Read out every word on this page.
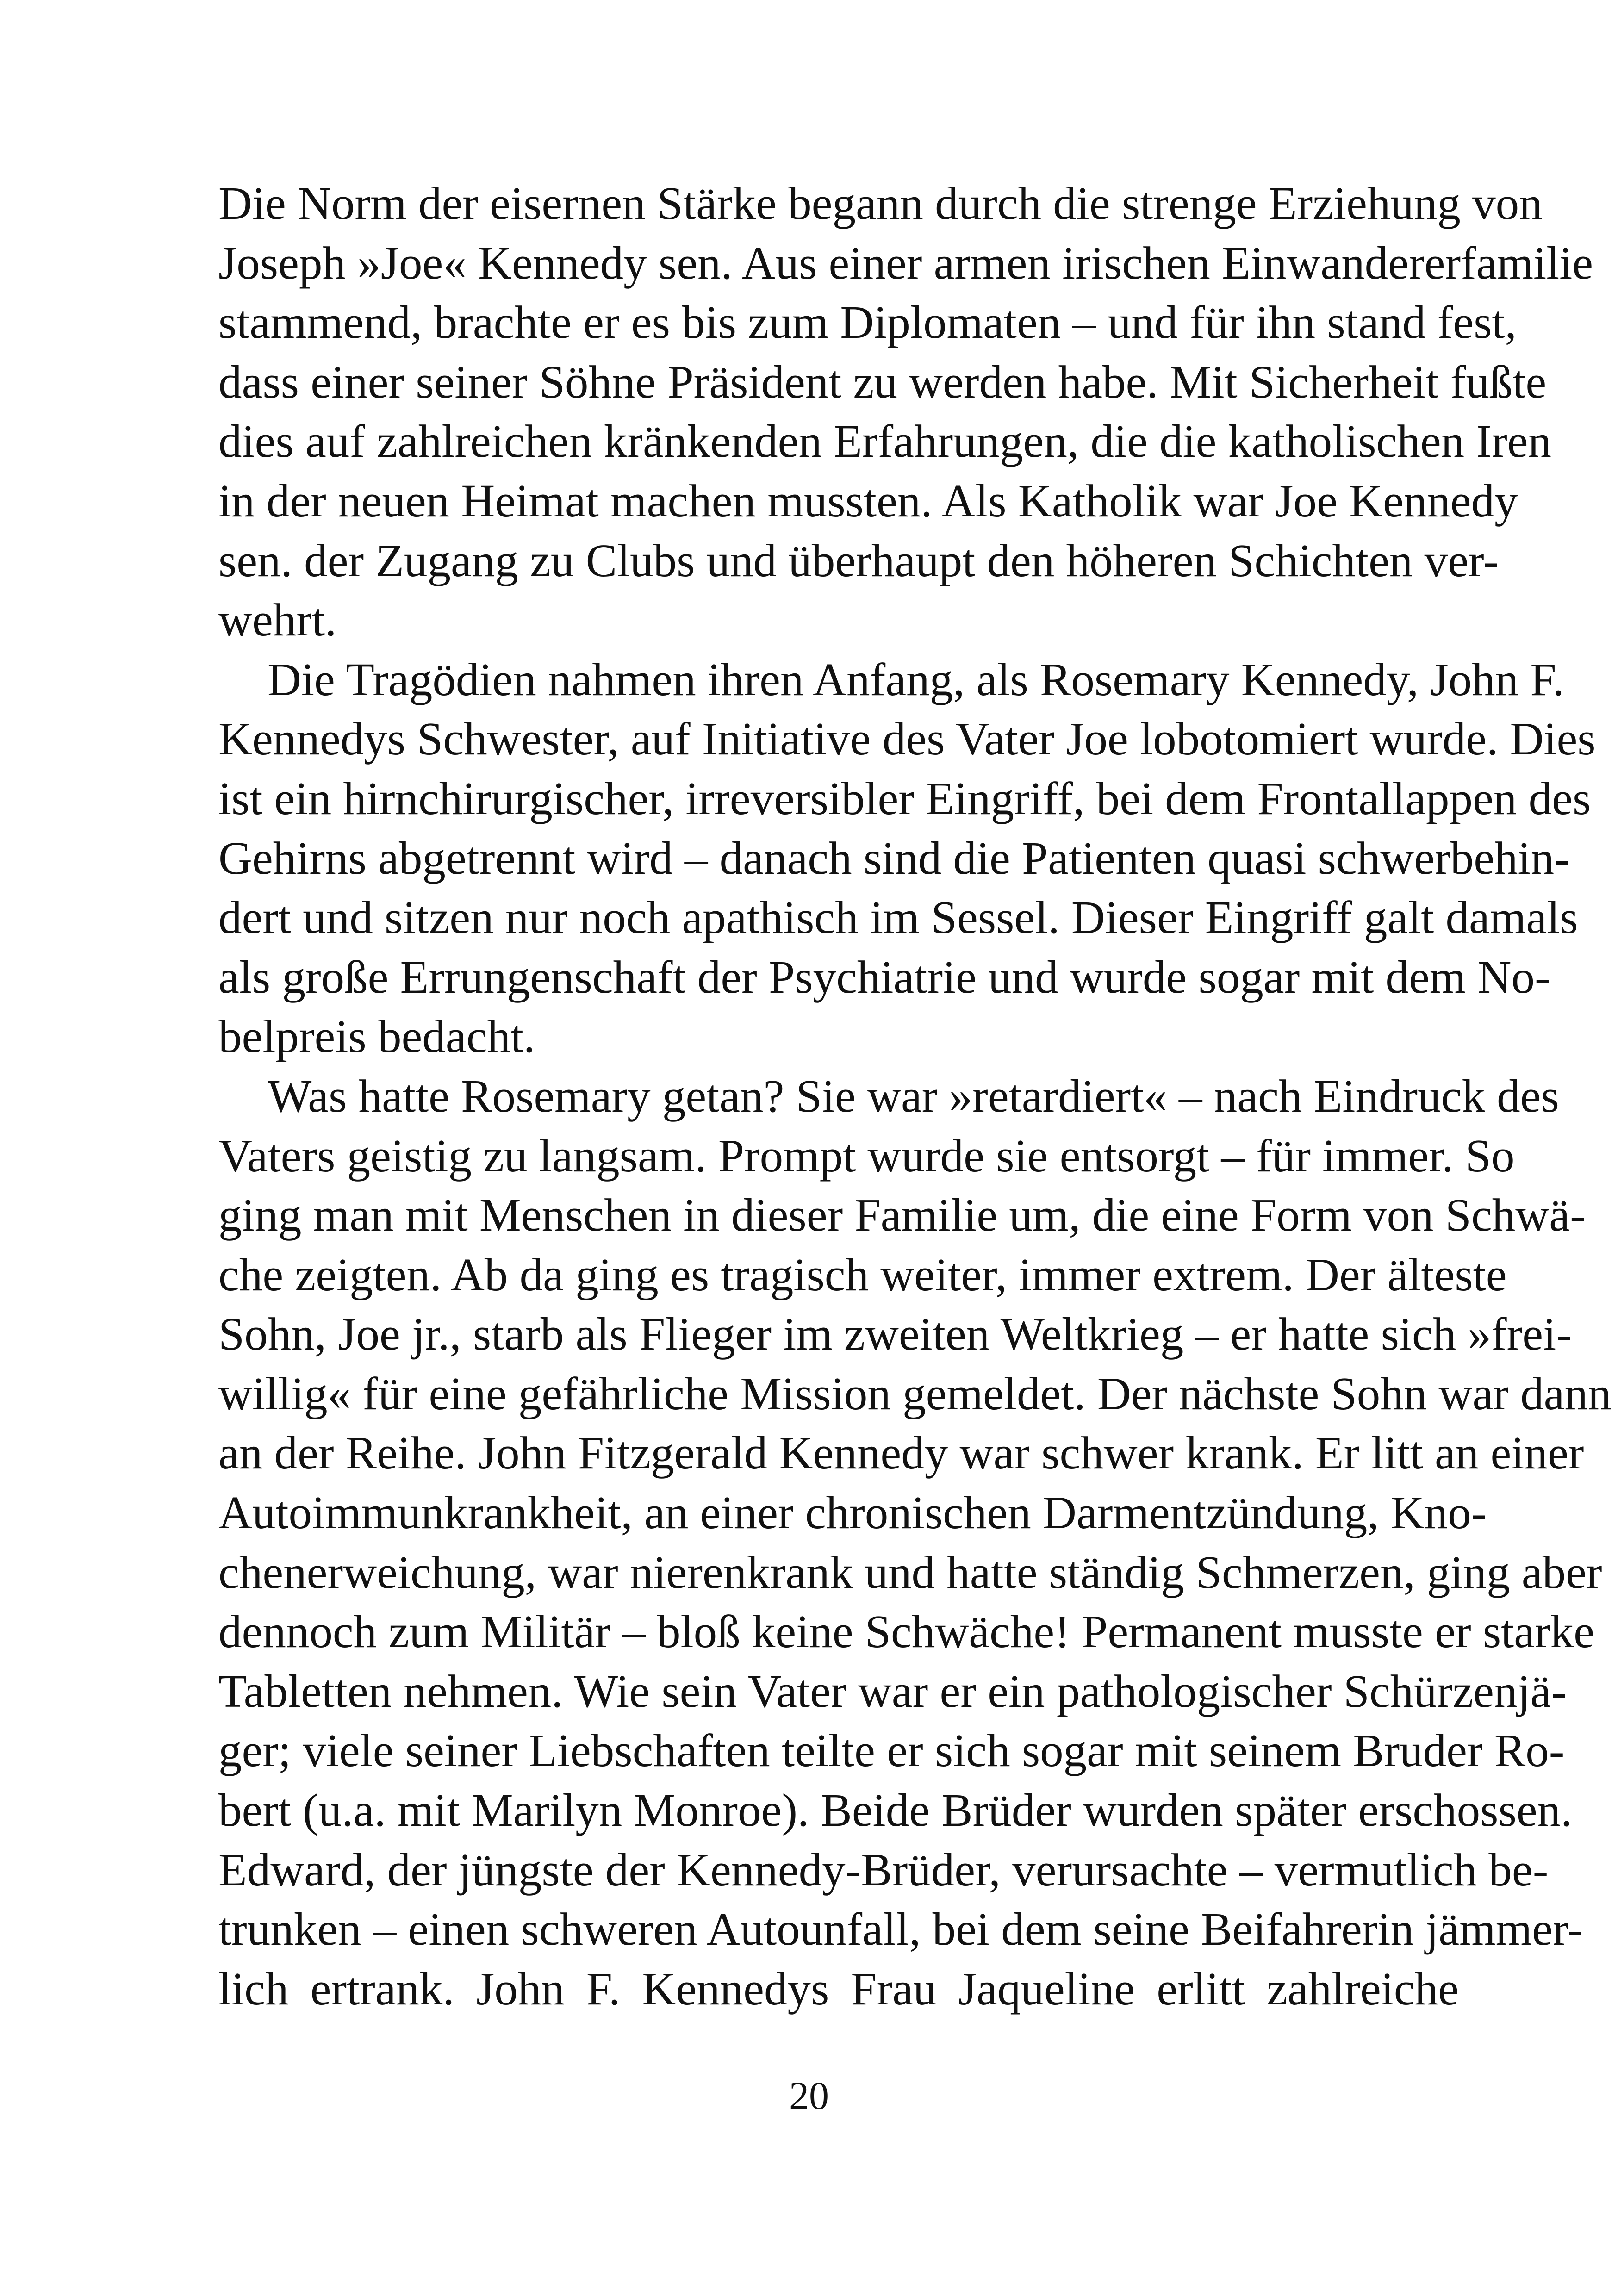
Die Norm der eisernen Stärke begann durch die strenge Erziehung von
Joseph »Joe« Kennedy sen. Aus einer armen irischen Einwandererfamilie
stammend, brachte er es bis zum Diplomaten – und für ihn stand fest,
dass einer seiner Söhne Präsident zu werden habe. Mit Sicherheit fußte
dies auf zahlreichen kränkenden Erfahrungen, die die katholischen Iren
in der neuen Heimat machen mussten. Als Katholik war Joe Kennedy
sen. der Zugang zu Clubs und überhaupt den höheren Schichten ver-
wehrt.
Die Tragödien nahmen ihren Anfang, als Rosemary Kennedy, John F.
Kennedys Schwester, auf Initiative des Vater Joe lobotomiert wurde. Dies
ist ein hirnchirurgischer, irreversibler Eingriff, bei dem Frontallappen des
Gehirns abgetrennt wird – danach sind die Patienten quasi schwerbehin-
dert und sitzen nur noch apathisch im Sessel. Dieser Eingriff galt damals
als große Errungenschaft der Psychiatrie und wurde sogar mit dem No-
belpreis bedacht.
Was hatte Rosemary getan? Sie war »retardiert« – nach Eindruck des
Vaters geistig zu langsam. Prompt wurde sie entsorgt – für immer. So
ging man mit Menschen in dieser Familie um, die eine Form von Schwä-
che zeigten. Ab da ging es tragisch weiter, immer extrem. Der älteste
Sohn, Joe jr., starb als Flieger im zweiten Weltkrieg – er hatte sich »frei-
willig« für eine gefährliche Mission gemeldet. Der nächste Sohn war dann
an der Reihe. John Fitzgerald Kennedy war schwer krank. Er litt an einer
Autoimmunkrankheit, an einer chronischen Darmentzündung, Kno-
chenerweichung, war nierenkrank und hatte ständig Schmerzen, ging aber
dennoch zum Militär – bloß keine Schwäche! Permanent musste er starke
Tabletten nehmen. Wie sein Vater war er ein pathologischer Schürzenjä-
ger; viele seiner Liebschaften teilte er sich sogar mit seinem Bruder Ro-
bert (u.a. mit Marilyn Monroe). Beide Brüder wurden später erschossen.
Edward, der jüngste der Kennedy-Brüder, verursachte – vermutlich be-
trunken – einen schweren Autounfall, bei dem seine Beifahrerin jämmer-
lich ertrank. John F. Kennedys Frau Jaqueline erlitt zahlreiche
20
